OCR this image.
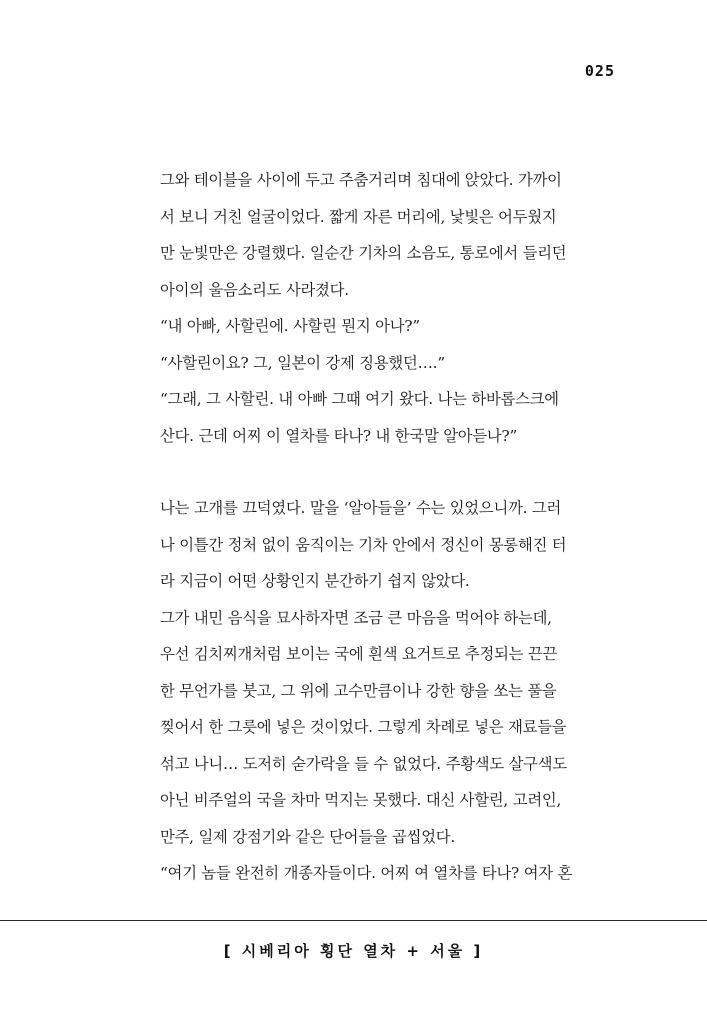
025
그와 테이블을 사이에 두고 주춤거리며 침대에 앉았다. 가까이
서 보니 거친 얼굴이었다. 짧게 자른 머리에, 낯빛은 어두웠지
만 눈빛만은 강렬했다. 일순간 기차의 소음도, 통로에서 들리던
아이의 울음소리도 사라졌다.
“내 아빠, 사할린에. 사할린 뭔지 아나?”
“사할린이요? 그, 일본이 강제 징용했던….”
“그래, 그 사할린. 내 아빠 그때 여기 왔다. 나는 하바롭스크에
산다. 근데 어찌 이 열차를 타나? 내 한국말 알아듣나?”
나는 고개를 끄덕였다. 말을 ‘알아들을’ 수는 있었으니까. 그러
나 이틀간 정처 없이 움직이는 기차 안에서 정신이 몽롱해진 터
라 지금이 어떤 상황인지 분간하기 쉽지 않았다.
그가 내민 음식을 묘사하자면 조금 큰 마음을 먹어야 하는데,
우선 김치찌개처럼 보이는 국에 흰색 요거트로 추정되는 끈끈
한 무언가를 붓고, 그 위에 고수만큼이나 강한 향을 쏘는 풀을
찢어서 한 그릇에 넣은 것이었다. 그렇게 차례로 넣은 재료들을
섞고 나니… 도저히 숟가락을 들 수 없었다. 주황색도 살구색도
아닌 비주얼의 국을 차마 먹지는 못했다. 대신 사할린, 고려인,
만주, 일제 강점기와 같은 단어들을 곱씹었다.
“여기 놈들 완전히 개종자들이다. 어찌 여 열차를 타나? 여자 혼
[ 시베리아 횡단 열차 + 서울 ]
